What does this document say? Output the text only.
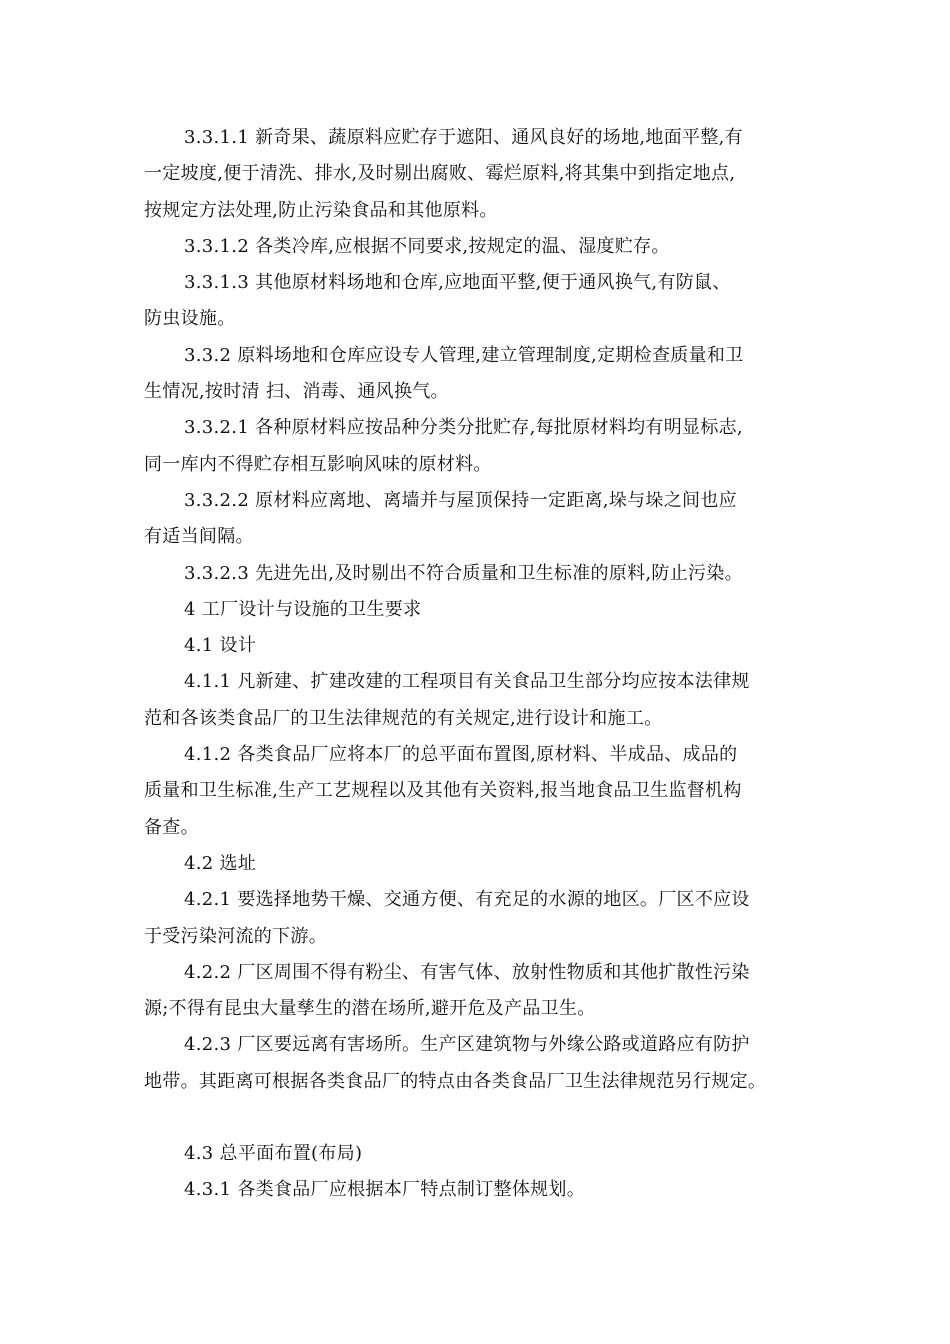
3.3.1.1 新奇果、蔬原料应贮存于遮阳、通风良好的场地,地面平整,有
一定坡度,便于清洗、排水,及时剔出腐败、霉烂原料,将其集中到指定地点,
按规定方法处理,防止污染食品和其他原料。
3.3.1.2 各类冷库,应根据不同要求,按规定的温、湿度贮存。
3.3.1.3 其他原材料场地和仓库,应地面平整,便于通风换气,有防鼠、
防虫设施。
3.3.2 原料场地和仓库应设专人管理,建立管理制度,定期检查质量和卫
生情况,按时清 扫、消毒、通风换气。
3.3.2.1 各种原材料应按品种分类分批贮存,每批原材料均有明显标志,
同一库内不得贮存相互影响风味的原材料。
3.3.2.2 原材料应离地、离墙并与屋顶保持一定距离,垛与垛之间也应
有适当间隔。
3.3.2.3 先进先出,及时剔出不符合质量和卫生标准的原料,防止污染。
4 工厂设计与设施的卫生要求
4.1 设计
4.1.1 凡新建、扩建改建的工程项目有关食品卫生部分均应按本法律规
范和各该类食品厂的卫生法律规范的有关规定,进行设计和施工。
4.1.2 各类食品厂应将本厂的总平面布置图,原材料、半成品、成品的
质量和卫生标准,生产工艺规程以及其他有关资料,报当地食品卫生监督机构
备查。
4.2 选址
4.2.1 要选择地势干燥、交通方便、有充足的水源的地区。厂区不应设
于受污染河流的下游。
4.2.2 厂区周围不得有粉尘、有害气体、放射性物质和其他扩散性污染
源;不得有昆虫大量孳生的潜在场所,避开危及产品卫生。
4.2.3 厂区要远离有害场所。生产区建筑物与外缘公路或道路应有防护
地带。其距离可根据各类食品厂的特点由各类食品厂卫生法律规范另行规定。
4.3 总平面布置(布局)
4.3.1 各类食品厂应根据本厂特点制订整体规划。
